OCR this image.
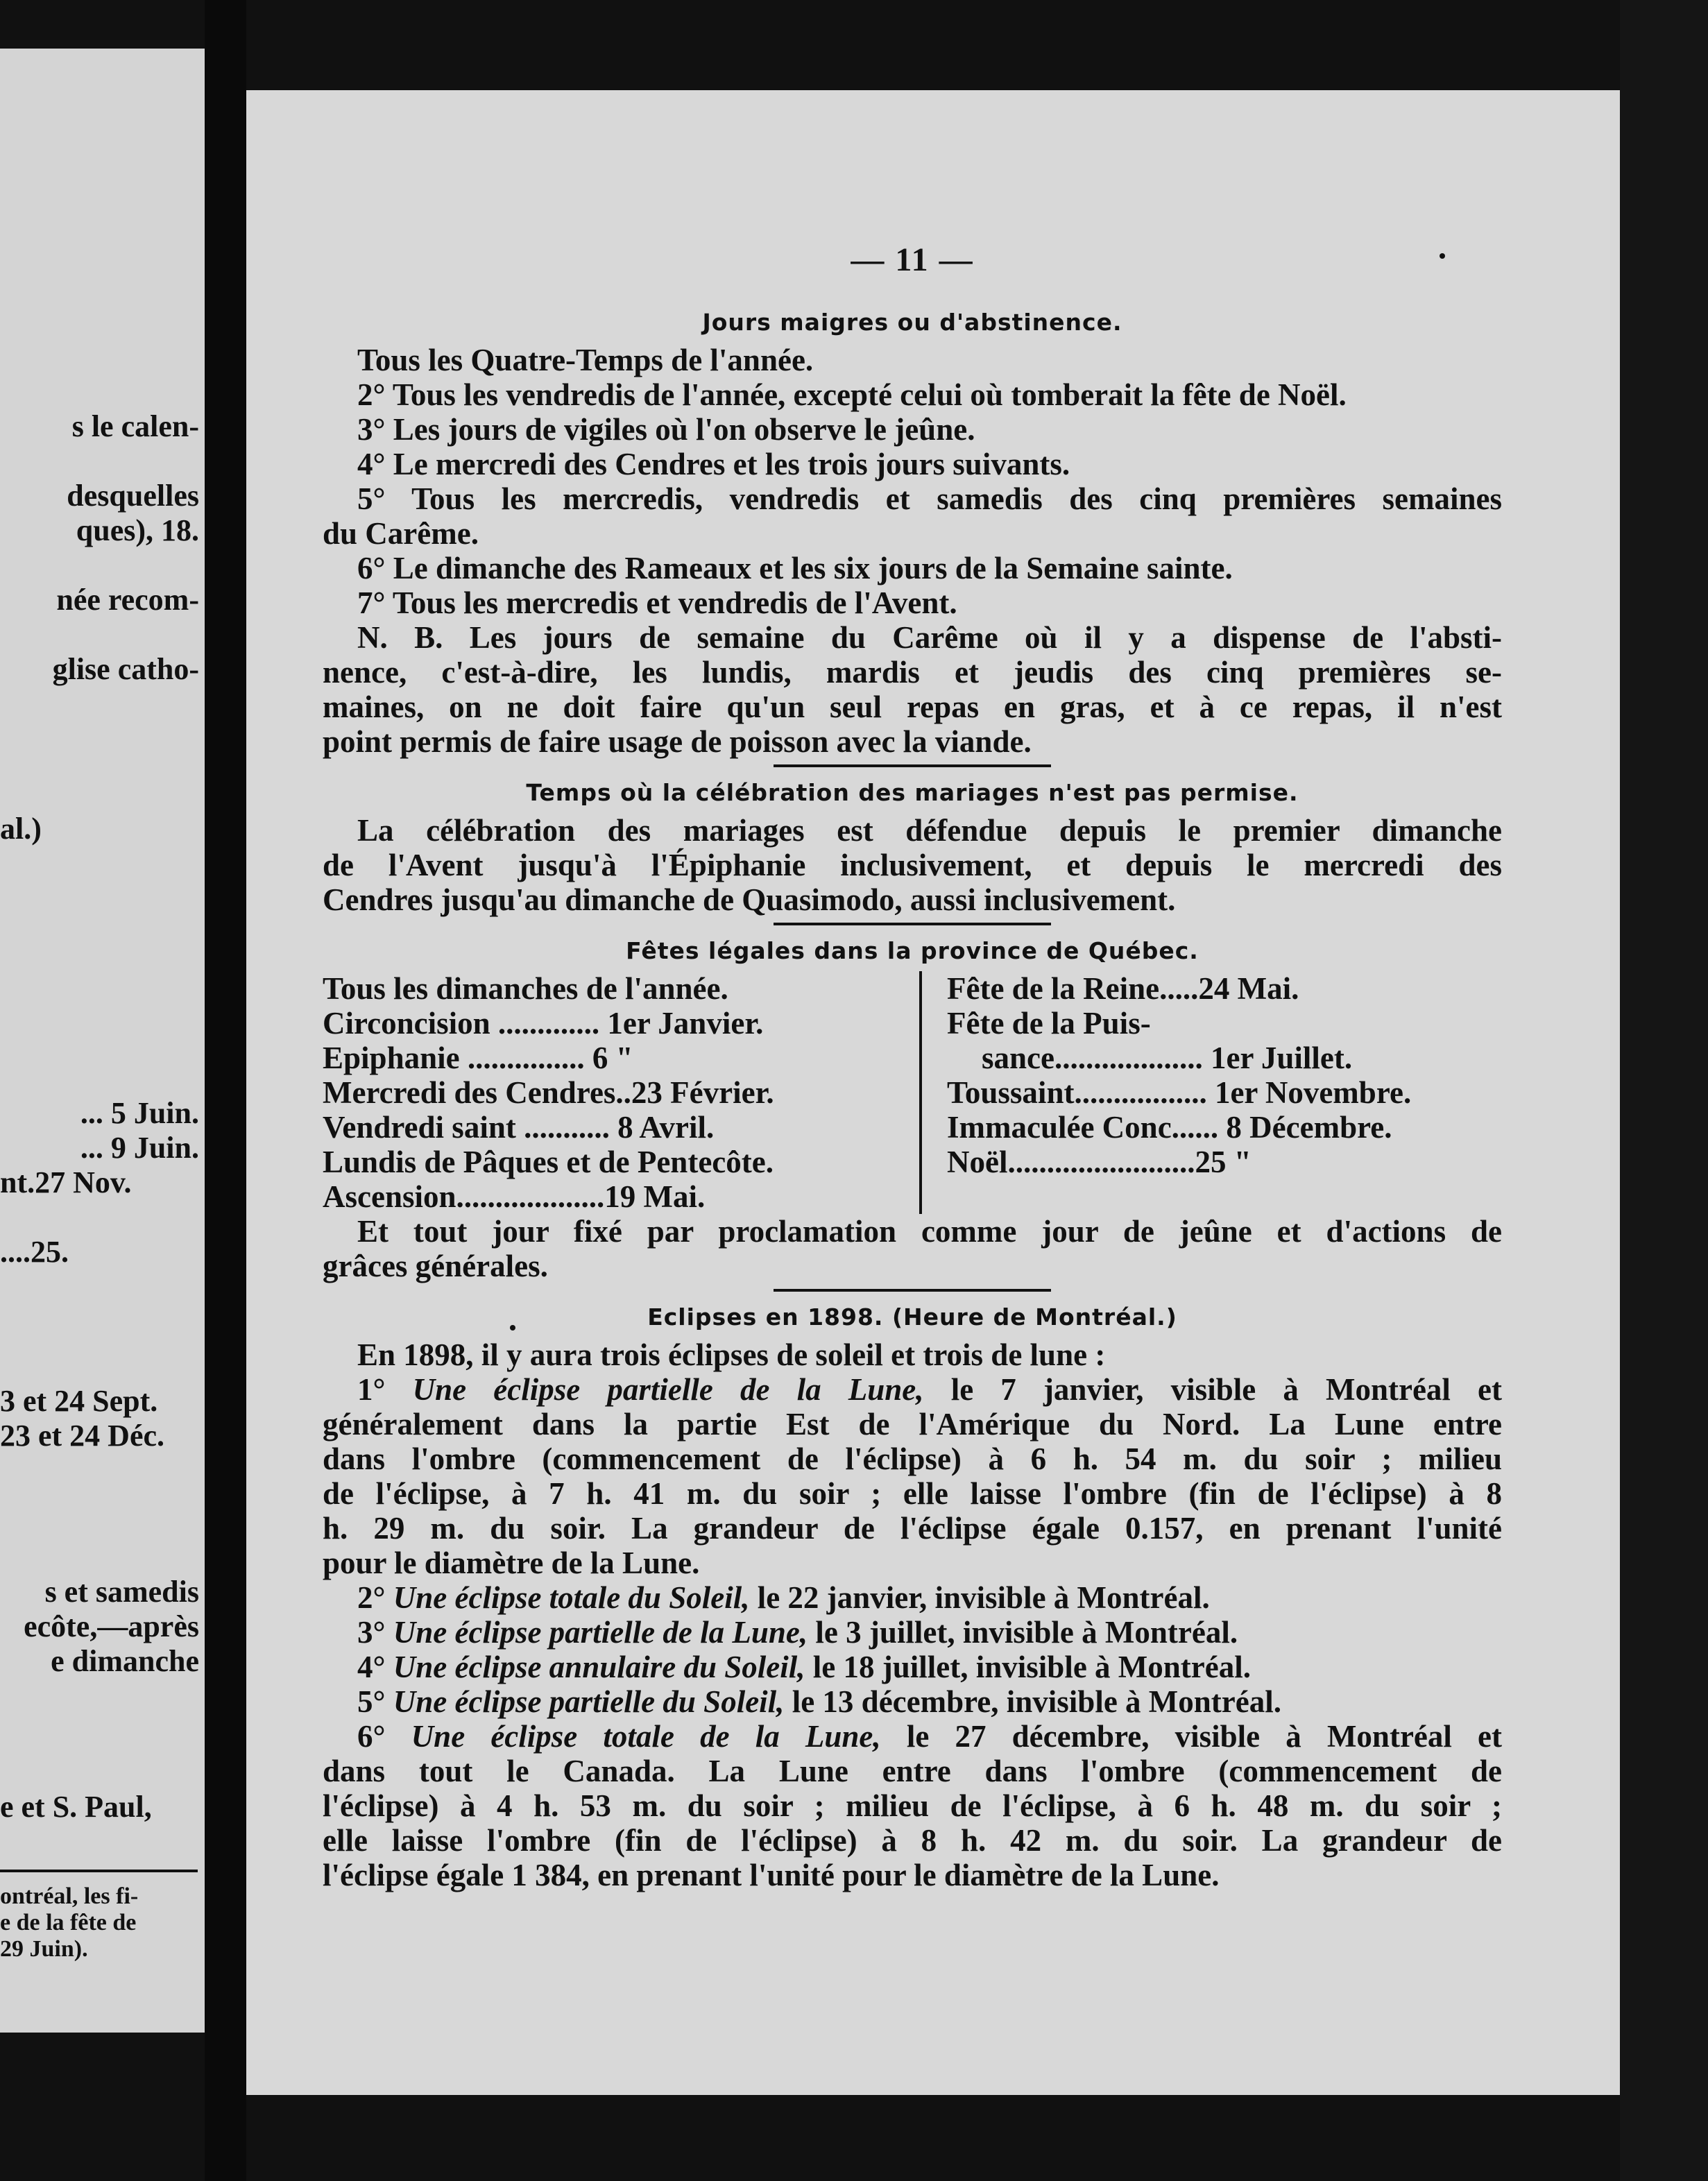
s le calen-
desquelles
ques), 18.
née recom-
glise catho-
al.)
... 5 Juin.
... 9 Juin.
nt.27 Nov.
....25.
3 et 24 Sept.
23 et 24 Déc.
s et samedis
ecôte,—après
e dimanche
e et S. Paul,
ontréal, les fi-
e de la fête de
29 Juin).
— 11 —
Jours maigres ou d'abstinence.
Tous les Quatre-Temps de l'année.
2° Tous les vendredis de l'année, excepté celui où tomberait la fête de Noël.
3° Les jours de vigiles où l'on observe le jeûne.
4° Le mercredi des Cendres et les trois jours suivants.
5° Tous les mercredis, vendredis et samedis des cinq premières semaines
du Carême.
6° Le dimanche des Rameaux et les six jours de la Semaine sainte.
7° Tous les mercredis et vendredis de l'Avent.
N. B. Les jours de semaine du Carême où il y a dispense de l'absti-
nence, c'est-à-dire, les lundis, mardis et jeudis des cinq premières se-
maines, on ne doit faire qu'un seul repas en gras, et à ce repas, il n'est
point permis de faire usage de poisson avec la viande.
Temps où la célébration des mariages n'est pas permise.
La célébration des mariages est défendue depuis le premier dimanche
de l'Avent jusqu'à l'Épiphanie inclusivement, et depuis le mercredi des
Cendres jusqu'au dimanche de Quasimodo, aussi inclusivement.
Fêtes légales dans la province de Québec.
Tous les dimanches de l'année.
Circoncision ............. 1er Janvier.
Epiphanie ............... 6 "
Mercredi des Cendres..23 Février.
Vendredi saint ........... 8 Avril.
Lundis de Pâques et de Pentecôte.
Ascension...................19 Mai.
Fête de la Reine.....24 Mai.
Fête de la Puis-
sance................... 1er Juillet.
Toussaint................. 1er Novembre.
Immaculée Conc...... 8 Décembre.
Noël........................25 "
Et tout jour fixé par proclamation comme jour de jeûne et d'actions de
grâces générales.
Eclipses en 1898. (Heure de Montréal.)
En 1898, il y aura trois éclipses de soleil et trois de lune :
1° Une éclipse partielle de la Lune, le 7 janvier, visible à Montréal et
généralement dans la partie Est de l'Amérique du Nord. La Lune entre
dans l'ombre (commencement de l'éclipse) à 6 h. 54 m. du soir ; milieu
de l'éclipse, à 7 h. 41 m. du soir ; elle laisse l'ombre (fin de l'éclipse) à 8
h. 29 m. du soir. La grandeur de l'éclipse égale 0.157, en prenant l'unité
pour le diamètre de la Lune.
2° Une éclipse totale du Soleil, le 22 janvier, invisible à Montréal.
3° Une éclipse partielle de la Lune, le 3 juillet, invisible à Montréal.
4° Une éclipse annulaire du Soleil, le 18 juillet, invisible à Montréal.
5° Une éclipse partielle du Soleil, le 13 décembre, invisible à Montréal.
6° Une éclipse totale de la Lune, le 27 décembre, visible à Montréal et
dans tout le Canada. La Lune entre dans l'ombre (commencement de
l'éclipse) à 4 h. 53 m. du soir ; milieu de l'éclipse, à 6 h. 48 m. du soir ;
elle laisse l'ombre (fin de l'éclipse) à 8 h. 42 m. du soir. La grandeur de
l'éclipse égale 1 384, en prenant l'unité pour le diamètre de la Lune.
